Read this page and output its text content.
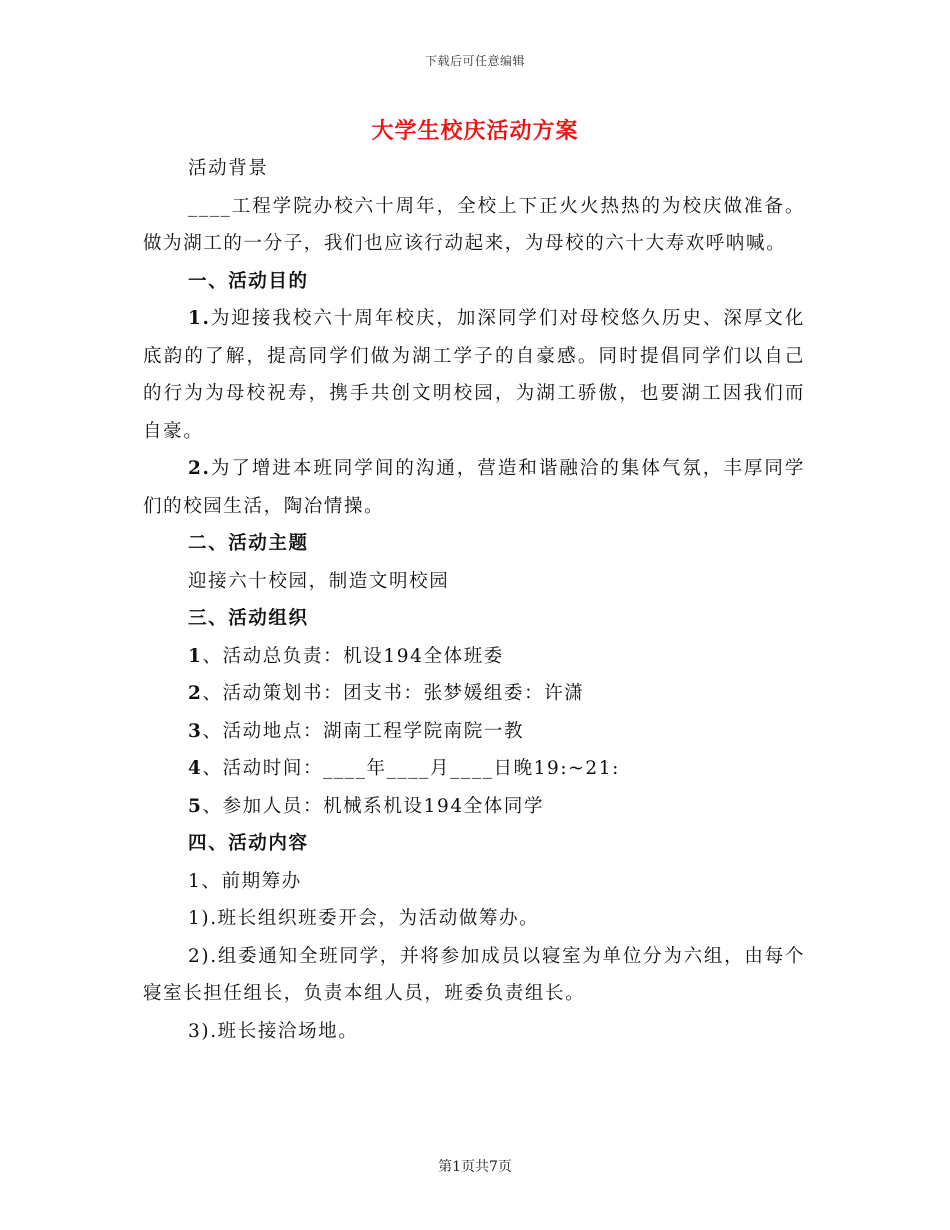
下载后可任意编辑
大学生校庆活动方案

活动背景

____工程学院办校六十周年，全校上下正火火热热的为校庆做准备。做为湖工的一分子，我们也应该行动起来，为母校的六十大寿欢呼呐喊。

一、活动目的

1.为迎接我校六十周年校庆，加深同学们对母校悠久历史、深厚文化底韵的了解，提高同学们做为湖工学子的自豪感。同时提倡同学们以自己的行为为母校祝寿，携手共创文明校园，为湖工骄傲，也要湖工因我们而自豪。

2.为了增进本班同学间的沟通，营造和谐融洽的集体气氛，丰厚同学们的校园生活，陶冶情操。

二、活动主题

迎接六十校园，制造文明校园

三、活动组织

1、活动总负责：机设194全体班委

2、活动策划书：团支书：张梦媛组委：许潇

3、活动地点：湖南工程学院南院一教

4、活动时间：____年____月____日晚19:~21:

5、参加人员：机械系机设194全体同学

四、活动内容

1、前期筹办

1).班长组织班委开会，为活动做筹办。

2).组委通知全班同学，并将参加成员以寝室为单位分为六组，由每个寝室长担任组长，负责本组人员，班委负责组长。

3).班长接洽场地。

第1页共7页
